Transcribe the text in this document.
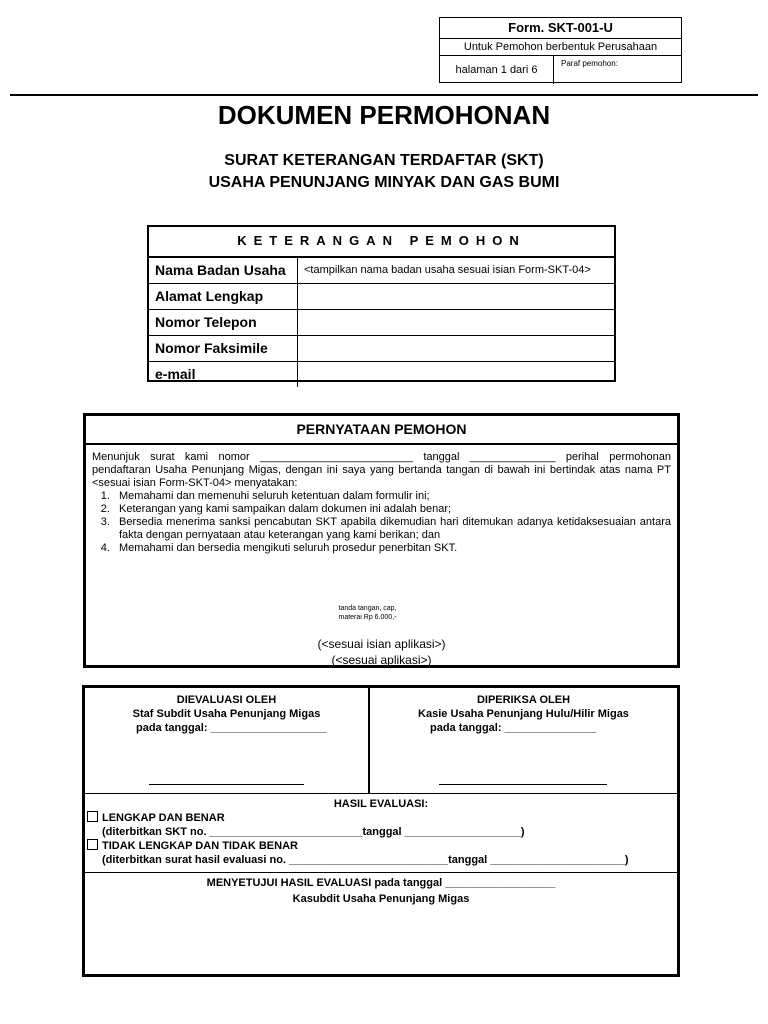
Form. SKT-001-U
Untuk Pemohon berbentuk Perusahaan
halaman 1 dari 6
Paraf pemohon:
DOKUMEN PERMOHONAN
SURAT KETERANGAN TERDAFTAR (SKT)
USAHA PENUNJANG MINYAK DAN GAS BUMI
KETERANGAN PEMOHON
Nama Badan Usaha	<tampilkan nama badan usaha sesuai isian Form-SKT-04>
Alamat Lengkap
Nomor Telepon
Nomor Faksimile
e-mail
PERNYATAAN PEMOHON
Menunjuk surat kami nomor _________________________ tanggal ______________ perihal permohonan pendaftaran Usaha Penunjang Migas, dengan ini saya yang bertanda tangan di bawah ini bertindak atas nama PT <sesuai isian Form-SKT-04> menyatakan:
1. Memahami dan memenuhi seluruh ketentuan dalam formulir ini;
2. Keterangan yang kami sampaikan dalam dokumen ini adalah benar;
3. Bersedia menerima sanksi pencabutan SKT apabila dikemudian hari ditemukan adanya ketidaksesuaian antara fakta dengan pernyataan atau keterangan yang kami berikan; dan
4. Memahami dan bersedia mengikuti seluruh prosedur penerbitan SKT.
tanda tangan, cap,
materai Rp 6.000,-
(<sesuai isian aplikasi>)
(<sesuai aplikasi>)
DIEVALUASI OLEH
Staf Subdit Usaha Penunjang Migas
pada tanggal: ___________________
DIPERIKSA OLEH
Kasie Usaha Penunjang Hulu/Hilir Migas
pada tanggal: _______________
HASIL EVALUASI:
LENGKAP DAN BENAR
(diterbitkan SKT no. _________________________tanggal ___________________)
TIDAK LENGKAP DAN TIDAK BENAR
(diterbitkan surat hasil evaluasi no. __________________________tanggal ______________________)
MENYETUJUI HASIL EVALUASI pada tanggal __________________
Kasubdit Usaha Penunjang Migas
